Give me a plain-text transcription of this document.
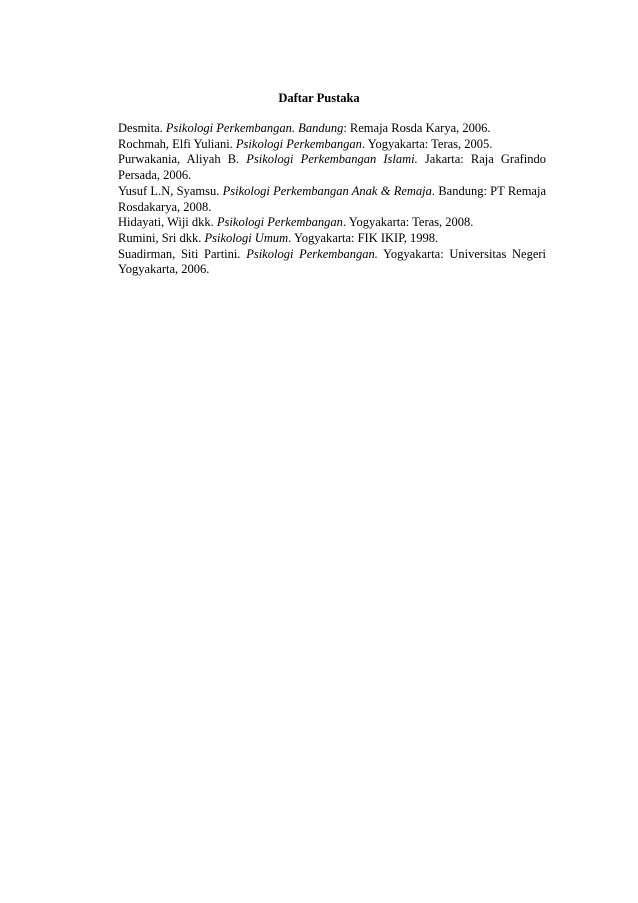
Daftar Pustaka

Desmita. Psikologi Perkembangan. Bandung: Remaja Rosda Karya, 2006.

Rochmah, Elfi Yuliani. Psikologi Perkembangan. Yogyakarta: Teras, 2005.

Purwakania, Aliyah B. Psikologi Perkembangan Islami. Jakarta: Raja Grafindo Persada, 2006.

Yusuf L.N, Syamsu. Psikologi Perkembangan Anak & Remaja. Bandung: PT Remaja Rosdakarya, 2008.

Hidayati, Wiji dkk. Psikologi Perkembangan. Yogyakarta: Teras, 2008.

Rumini, Sri dkk. Psikologi Umum. Yogyakarta: FIK IKIP, 1998.

Suadirman, Siti Partini. Psikologi Perkembangan. Yogyakarta: Universitas Negeri Yogyakarta, 2006.
